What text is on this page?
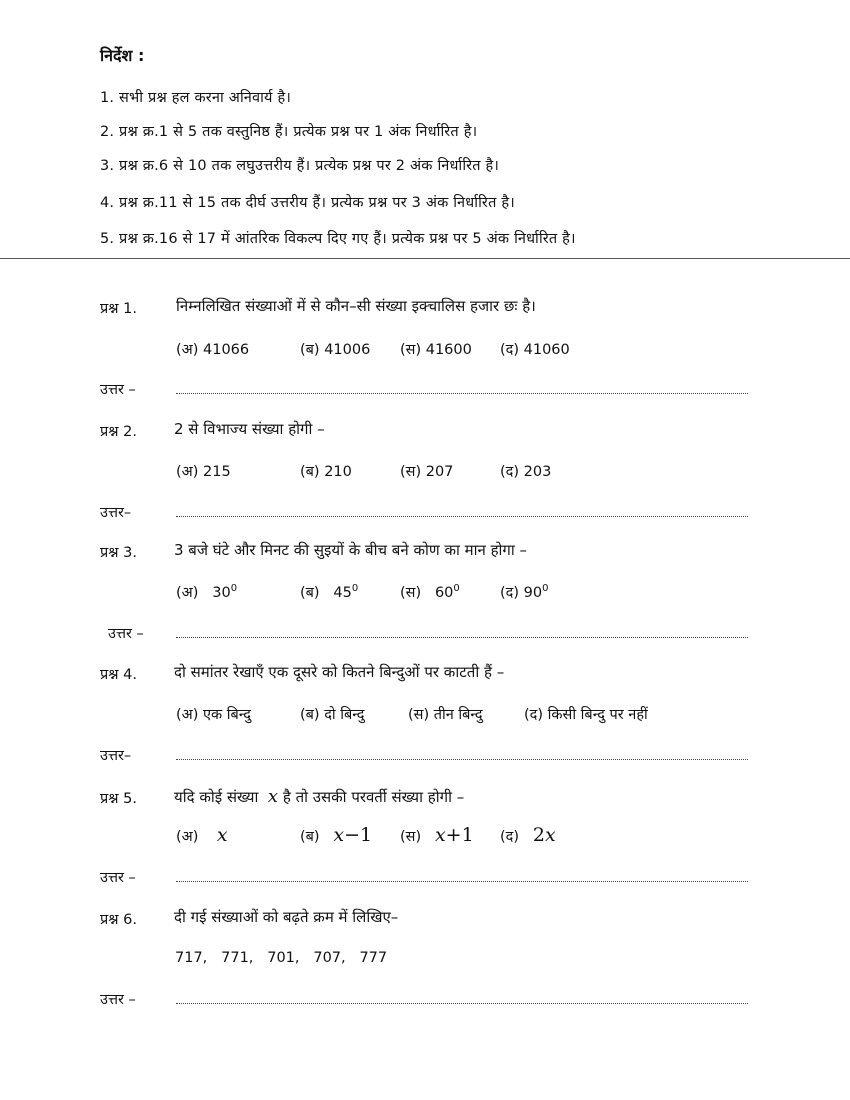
निर्देश :
1. सभी प्रश्न हल करना अनिवार्य है।
2. प्रश्न क्र.1 से 5 तक वस्तुनिष्ठ हैं। प्रत्येक प्रश्न पर 1 अंक निर्धारित है।
3. प्रश्न क्र.6 से 10 तक लघुउत्तरीय हैं। प्रत्येक प्रश्न पर 2 अंक निर्धारित है।
4. प्रश्न क्र.11 से 15 तक दीर्घ उत्तरीय हैं। प्रत्येक प्रश्न पर 3 अंक निर्धारित है।
5. प्रश्न क्र.16 से 17 में आंतरिक विकल्प दिए गए हैं। प्रत्येक प्रश्न पर 5 अंक निर्धारित है।
प्रश्न 1.	निम्नलिखित संख्याओं में से कौन–सी संख्या इक्चालिस हजार छः है।
(अ) 41066	(ब) 41006 (स) 41600 (द) 41060
उत्तर –
प्रश्न 2. 2 से विभाज्य संख्या होगी –
(अ) 215	(ब) 210	(स) 207	(द) 203
उत्तर–
प्रश्न 3. 3 बजे घंटे और मिनट की सुइयों के बीच बने कोण का मान होगा –
(अ) $30^0$	(ब) $45^0$	(स) $60^0$	(द) $90^0$
उत्तर –
प्रश्न 4. दो समांतर रेखाएँ एक दूसरे को कितने बिन्दुओं पर काटती हैं –
(अ) एक बिन्दु	(ब) दो बिन्दु	(स) तीन बिन्दु	(द) किसी बिन्दु पर नहीं
उत्तर–
प्रश्न 5. यदि कोई संख्या x है तो उसकी परवर्ती संख्या होगी –
(अ) x	(ब) x−1 (स) x+1 (द) 2x
उत्तर –
प्रश्न 6. दी गई संख्याओं को बढ़ते क्रम में लिखिए–
717,   771,   701,   707,   777
उत्तर –
